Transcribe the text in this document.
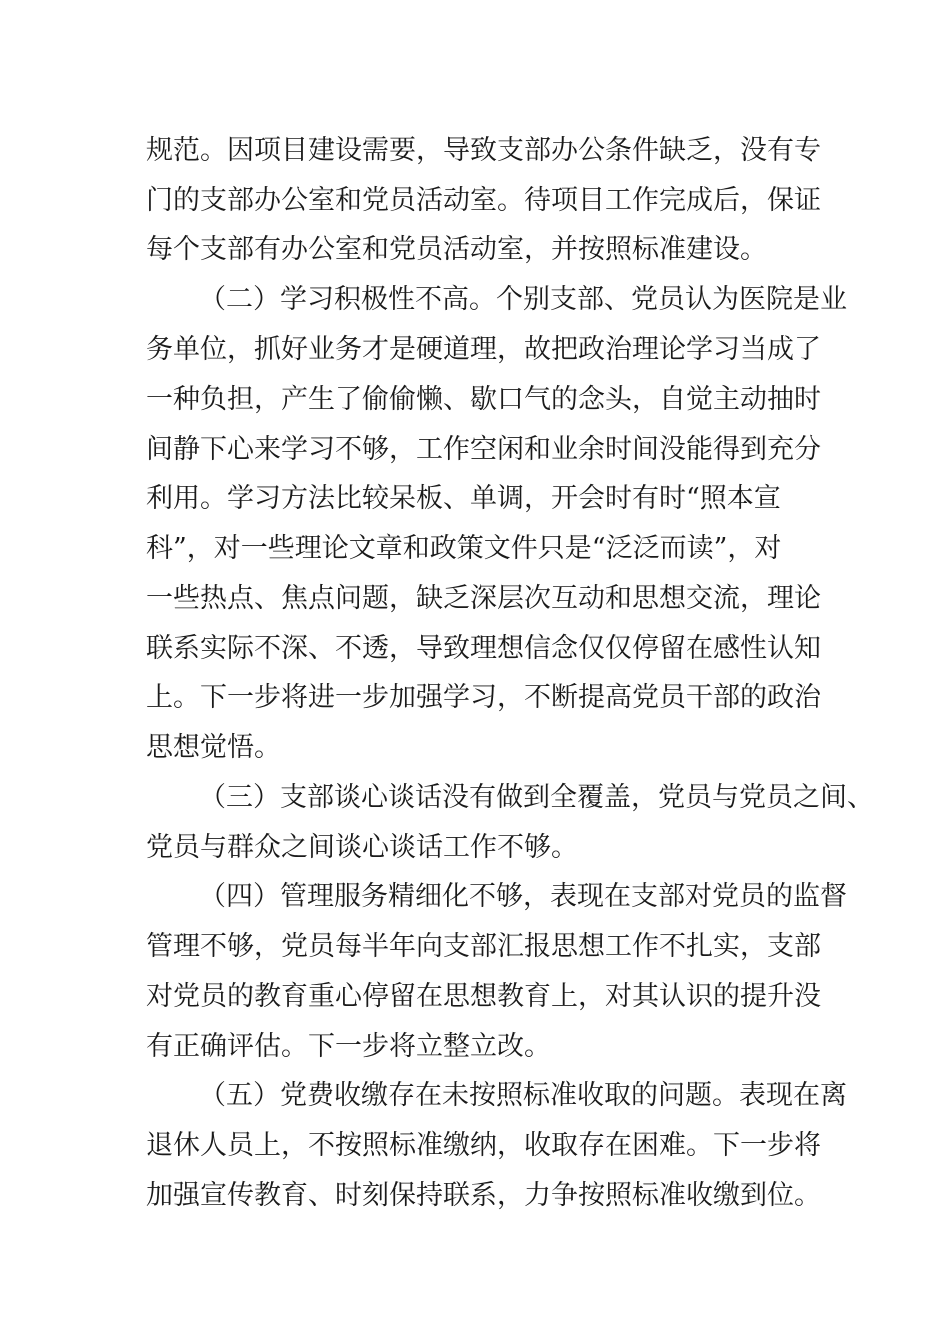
规范。因项目建设需要，导致支部办公条件缺乏，没有专

门的支部办公室和党员活动室。待项目工作完成后，保证

每个支部有办公室和党员活动室，并按照标准建设。

（二）学习积极性不高。个别支部、党员认为医院是业

务单位，抓好业务才是硬道理，故把政治理论学习当成了

一种负担，产生了偷偷懒、歇口气的念头，自觉主动抽时

间静下心来学习不够，工作空闲和业余时间没能得到充分

利用。学习方法比较呆板、单调，开会时有时“照本宣

科”，对一些理论文章和政策文件只是“泛泛而读”，对

一些热点、焦点问题，缺乏深层次互动和思想交流，理论

联系实际不深、不透，导致理想信念仅仅停留在感性认知

上。下一步将进一步加强学习，不断提高党员干部的政治

思想觉悟。

（三）支部谈心谈话没有做到全覆盖，党员与党员之间、

党员与群众之间谈心谈话工作不够。

（四）管理服务精细化不够，表现在支部对党员的监督

管理不够，党员每半年向支部汇报思想工作不扎实，支部

对党员的教育重心停留在思想教育上，对其认识的提升没

有正确评估。下一步将立整立改。

（五）党费收缴存在未按照标准收取的问题。表现在离

退休人员上，不按照标准缴纳，收取存在困难。下一步将

加强宣传教育、时刻保持联系，力争按照标准收缴到位。
